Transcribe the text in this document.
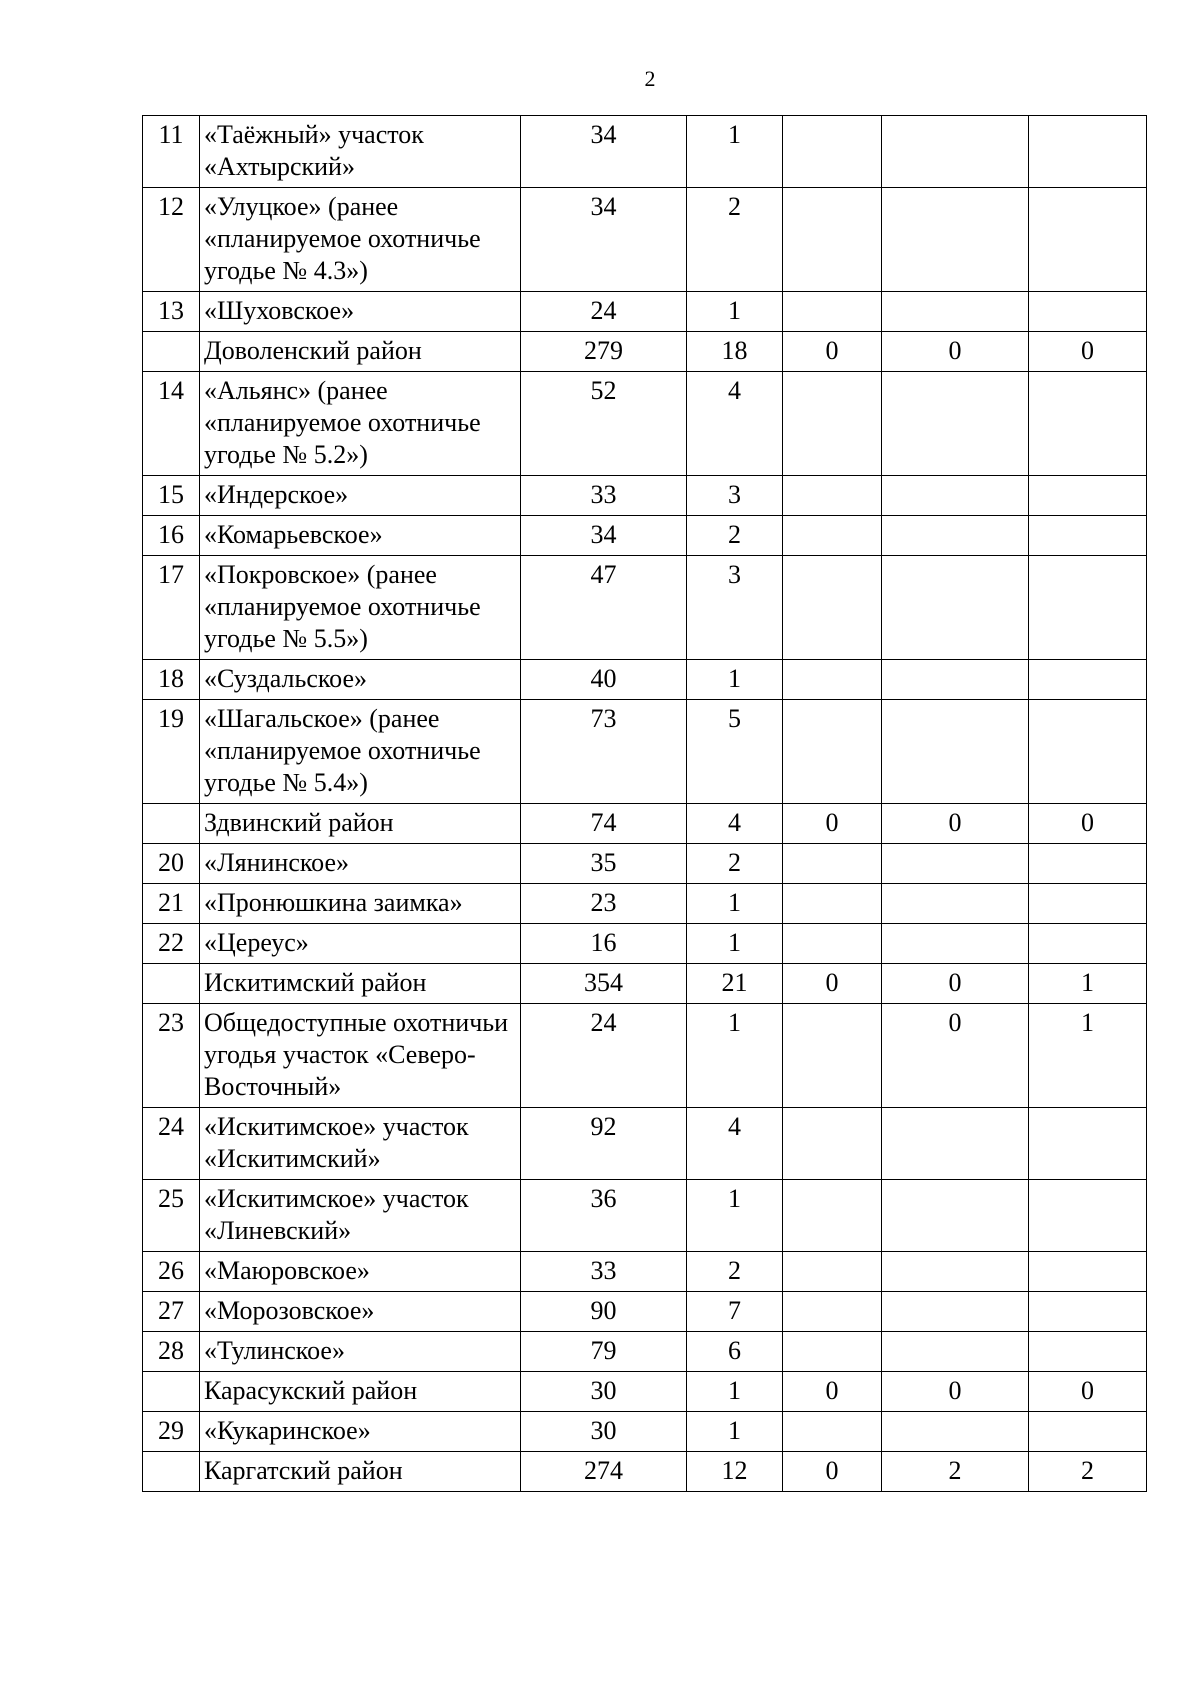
2
11	«Таёжный» участок «Ахтырский»	34	1			
12	«Улуцкое» (ранее «планируемое охотничье угодье № 4.3»)	34	2			
13	«Шуховское»	24	1			
	Доволенский район	279	18	0	0	0
14	«Альянс» (ранее «планируемое охотничье угодье № 5.2»)	52	4			
15	«Индерское»	33	3			
16	«Комарьевское»	34	2			
17	«Покровское» (ранее «планируемое охотничье угодье № 5.5»)	47	3			
18	«Суздальское»	40	1			
19	«Шагальское» (ранее «планируемое охотничье угодье № 5.4»)	73	5			
	Здвинский район	74	4	0	0	0
20	«Лянинское»	35	2			
21	«Пронюшкина заимка»	23	1			
22	«Цереус»	16	1			
	Искитимский район	354	21	0	0	1
23	Общедоступные охотничьи угодья участок «Северо-Восточный»	24	1		0	1
24	«Искитимское» участок «Искитимский»	92	4			
25	«Искитимское» участок «Линевский»	36	1			
26	«Маюровское»	33	2			
27	«Морозовское»	90	7			
28	«Тулинское»	79	6			
	Карасукский район	30	1	0	0	0
29	«Кукаринское»	30	1			
	Каргатский район	274	12	0	2	2
